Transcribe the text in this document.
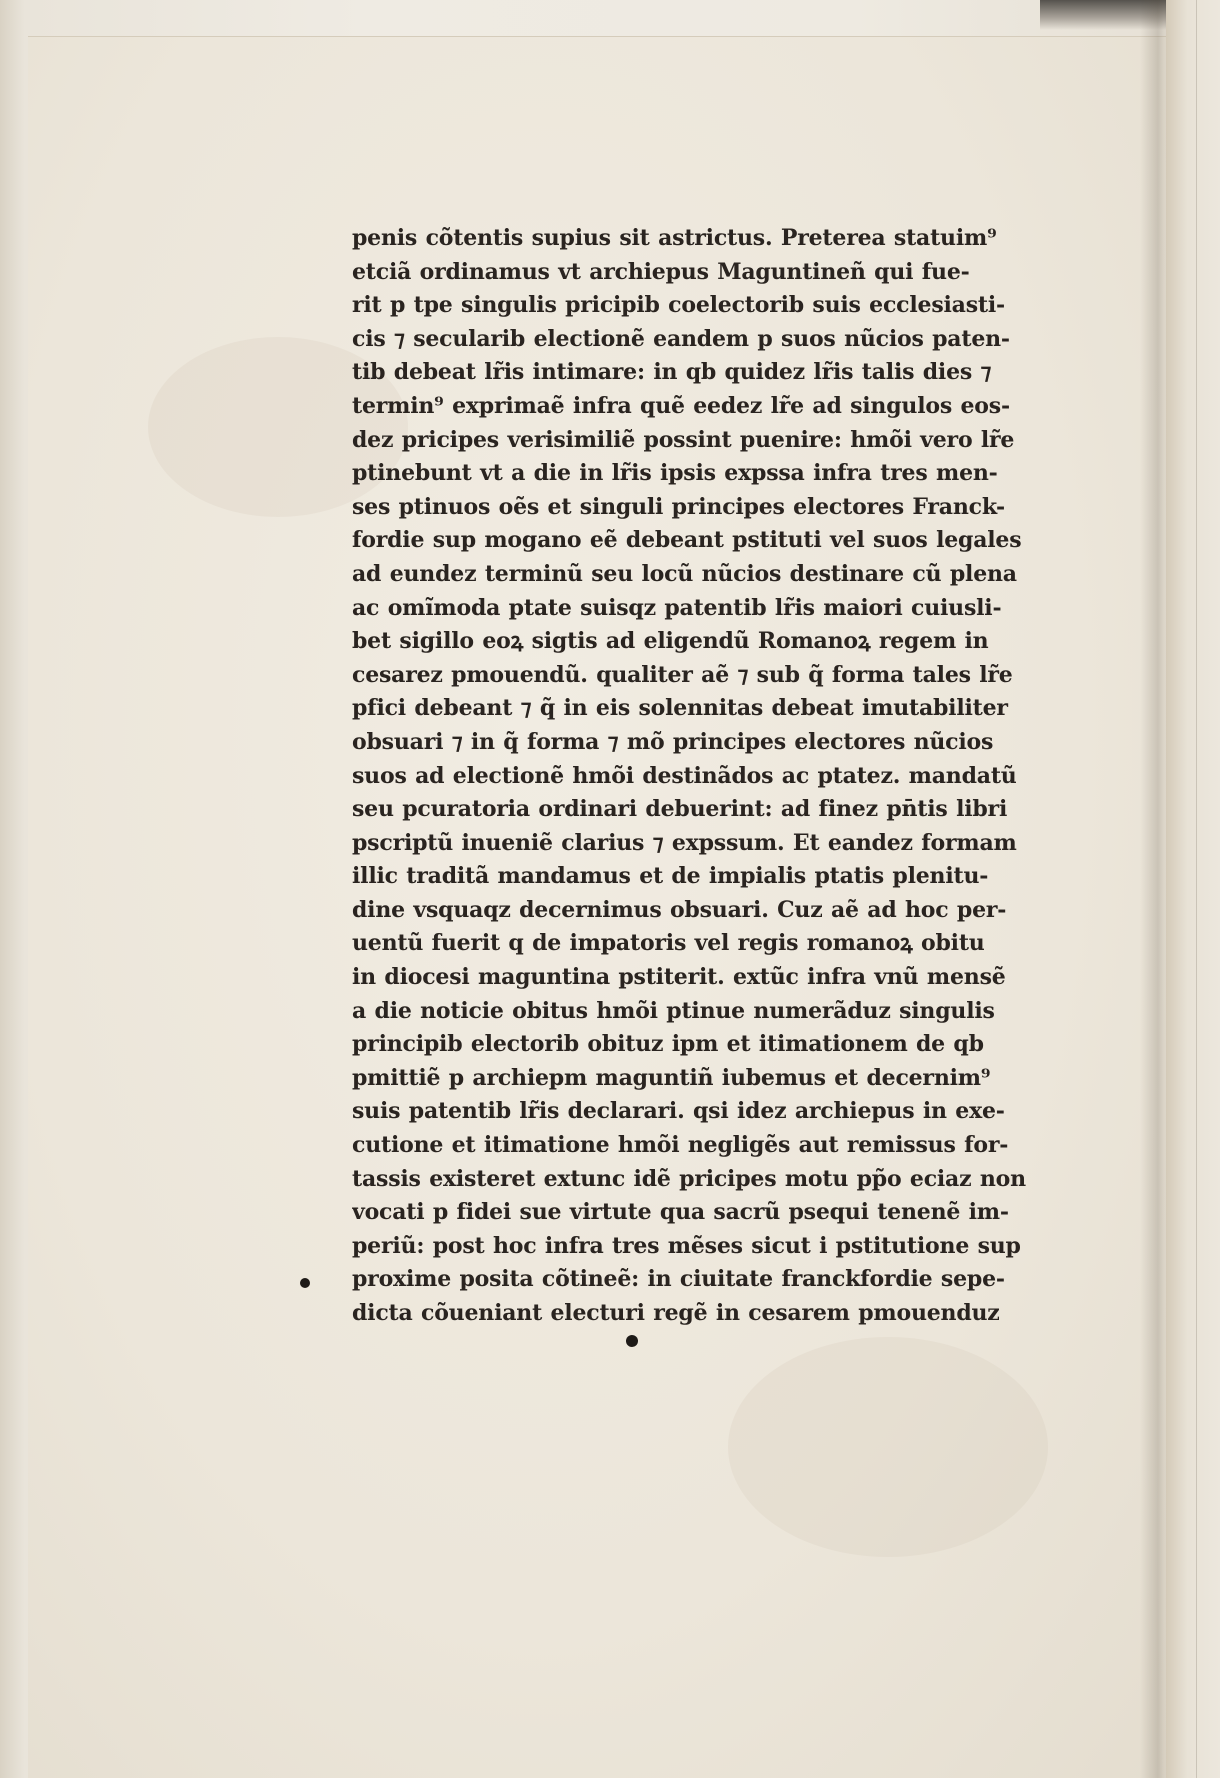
penis cõtentis supius sit astrictus. Preterea statuim⁹
etciã ordinamus vt archiepus Maguntineñ qui fue-
rit p tpe singulis pricipib coelectorib suis ecclesiasti-
cis ⁊ secularib electionẽ eandem p suos nũcios paten-
tib debeat lr̃is intimare: in qb quidez lr̃is talis dies ⁊
termin⁹ exprimaẽ infra quẽ eedez lr̃e ad singulos eos-
dez pricipes verisimiliẽ possint puenire: hmõi vero lr̃e
ptinebunt vt a die in lr̃is ipsis expssa infra tres men-
ses ptinuos oẽs et singuli principes electores Franck-
fordie sup mogano eẽ debeant pstituti vel suos legales
ad eundez terminũ seu locũ nũcios destinare cũ plena
ac omĩmoda ptate suisqz patentib lr̃is maiori cuiusli-
bet sigillo eoꝝ sigtis ad eligendũ Romanoꝝ regem in
cesarez pmouendũ. qualiter aẽ ⁊ sub q̃ forma tales lr̃e
pfici debeant ⁊ q̃ in eis solennitas debeat imutabiliter
obsuari ⁊ in q̃ forma ⁊ mõ principes electores nũcios
suos ad electionẽ hmõi destinãdos ac ptatez. mandatũ
seu pcuratoria ordinari debuerint: ad finez pn̄tis libri
pscriptũ inueniẽ clarius ⁊ expssum. Et eandez formam
illic traditã mandamus et de impialis ptatis plenitu-
dine vsquaqz decernimus obsuari. Cuz aẽ ad hoc per-
uentũ fuerit q de impatoris vel regis romanoꝝ obitu
in diocesi maguntina pstiterit. extũc infra vnũ mensẽ
a die noticie obitus hmõi ptinue numerãduz singulis
principib electorib obituz ipm et itimationem de qb
pmittiẽ p archiepm maguntiñ iubemus et decernim⁹
suis patentib lr̃is declarari. qsi idez archiepus in exe-
cutione et itimatione hmõi negligẽs aut remissus for-
tassis existeret extunc idẽ pricipes motu pp̃o eciaz non
vocati p fidei sue virtute qua sacrũ psequi tenenẽ im-
periũ: post hoc infra tres mẽses sicut i pstitutione sup
proxime posita cõtineẽ: in ciuitate franckfordie sepe-
dicta cõueniant electuri regẽ in cesarem pmouenduz
